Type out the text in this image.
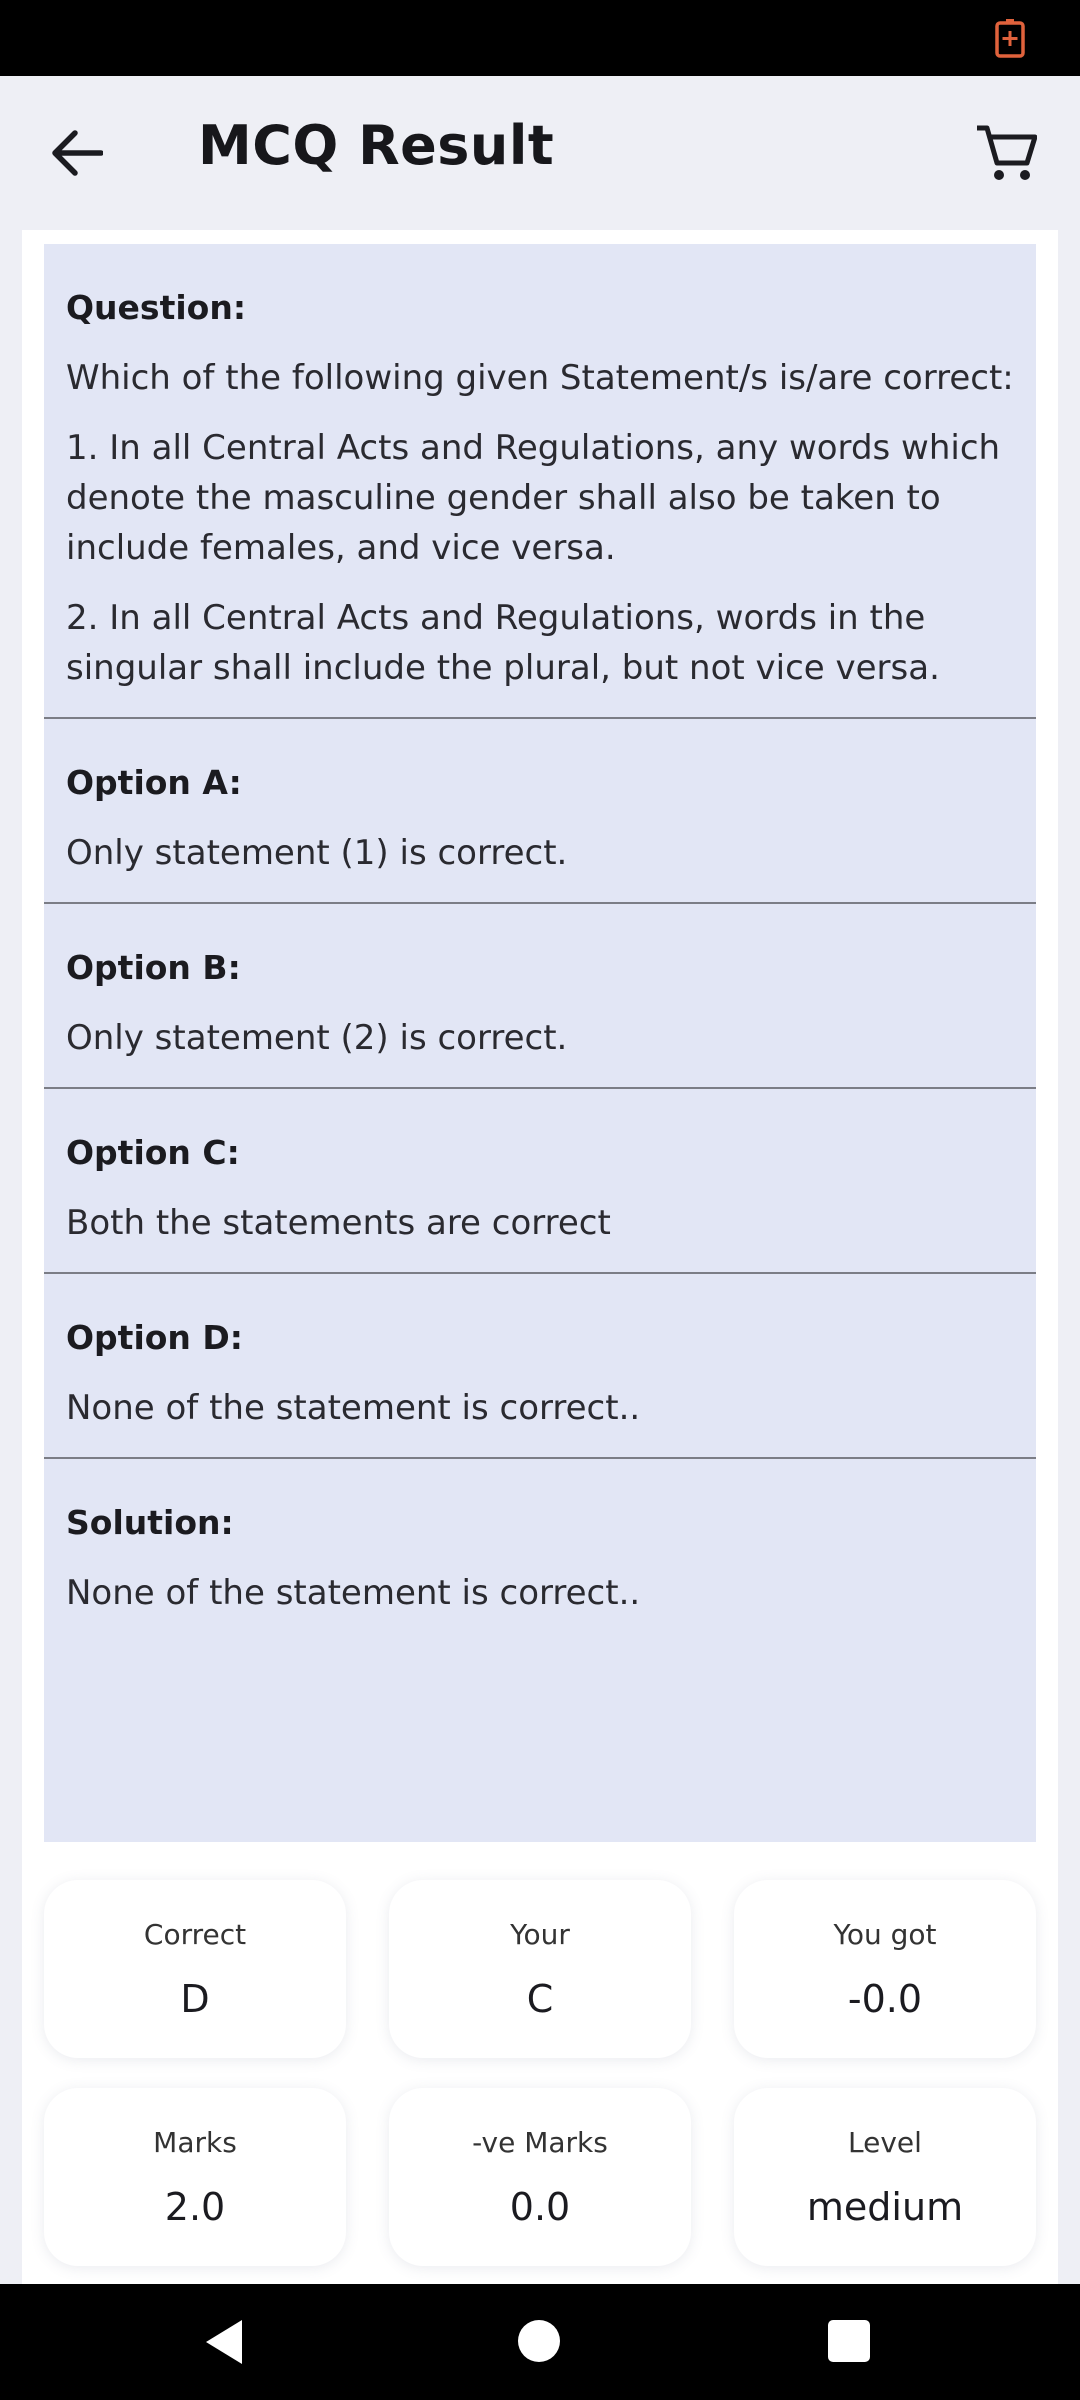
MCQ Result
Question:

Which of the following given Statement/s is/are correct:

1. In all Central Acts and Regulations, any words which denote the masculine gender shall also be taken to include females, and vice versa.

2. In all Central Acts and Regulations, words in the singular shall include the plural, but not vice versa.

Option A:

Only statement (1) is correct.

Option B:

Only statement (2) is correct.

Option C:

Both the statements are correct

Option D:

None of the statement is correct..

Solution:

None of the statement is correct..

Correct
D
Your
C
You got
-0.0
Marks
2.0
-ve Marks
0.0
Level
medium
